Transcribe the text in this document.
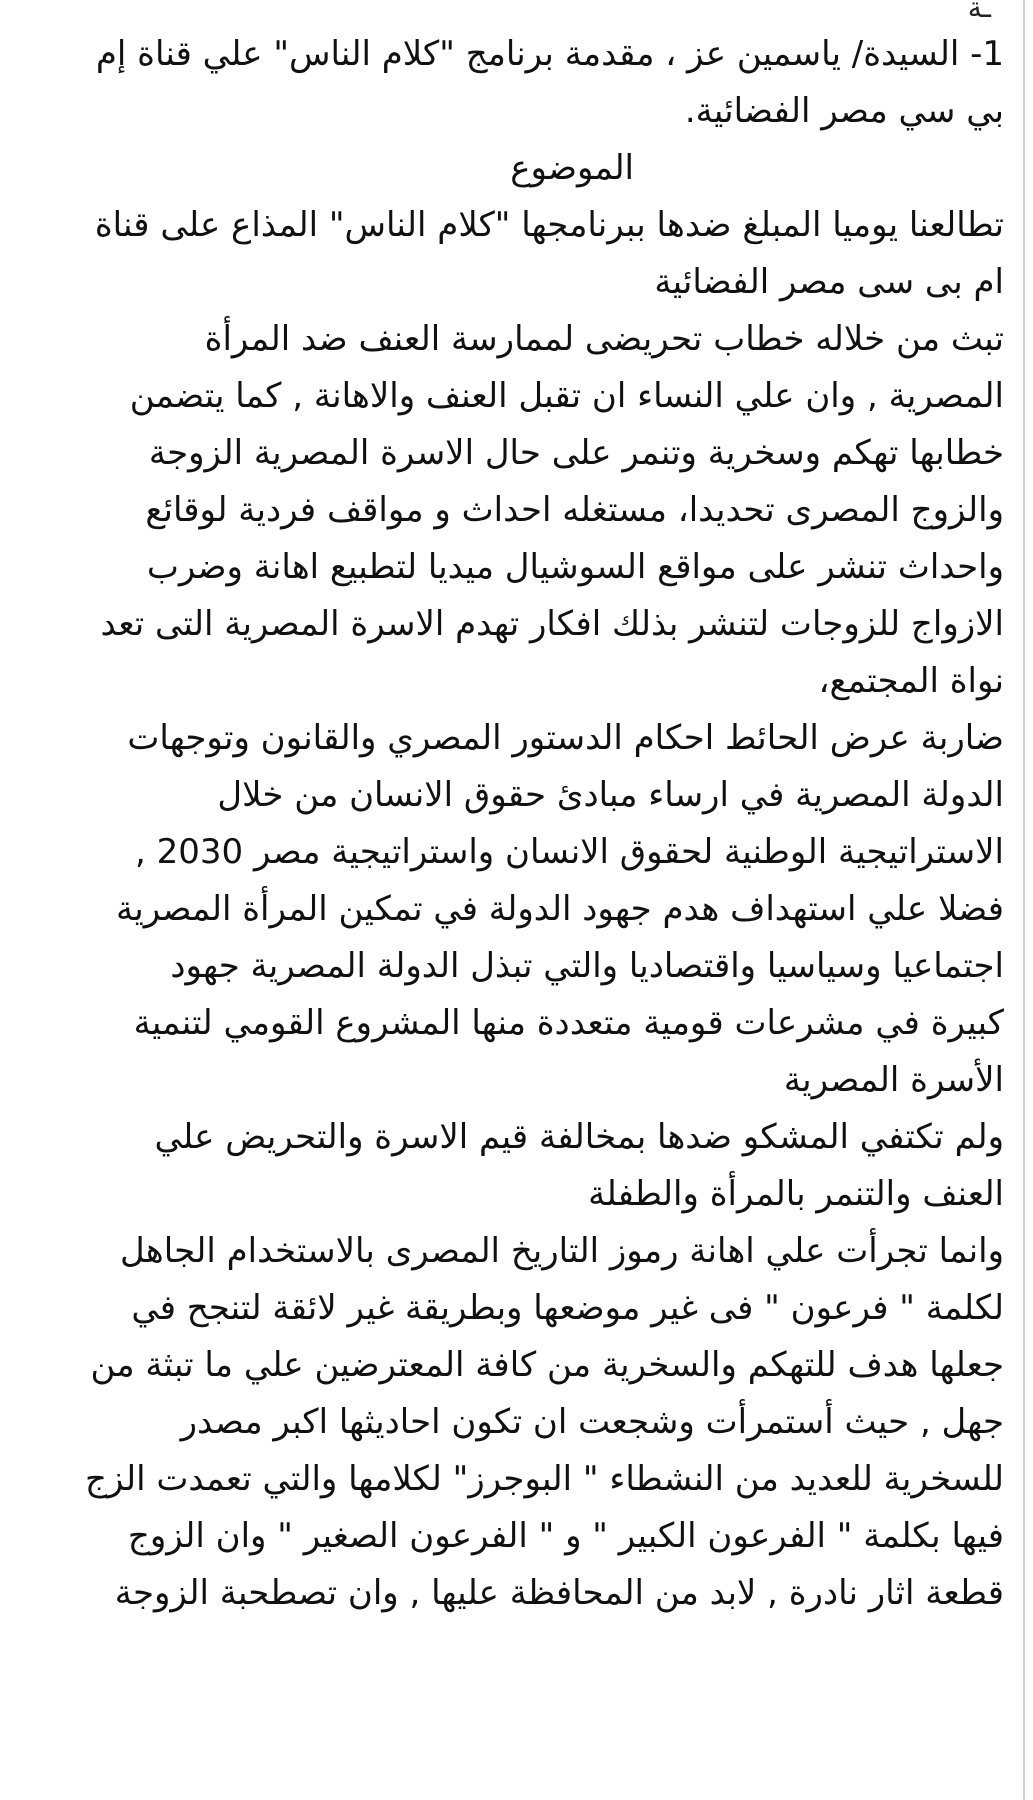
ـة

1- السيدة/ ياسمين عز ، مقدمة برنامج "كلام الناس" علي قناة إم

بي سي مصر الفضائية.

الموضوع

تطالعنا يوميا المبلغ ضدها ببرنامجها "كلام الناس" المذاع على قناة

ام بى سى مصر الفضائية

تبث من خلاله خطاب تحريضى لممارسة العنف ضد المرأة

المصرية , وان علي النساء ان تقبل العنف والاهانة , كما يتضمن

خطابها تهكم وسخرية وتنمر على حال الاسرة المصرية الزوجة

والزوج المصرى تحديدا، مستغله احداث و مواقف فردية لوقائع

واحداث تنشر على مواقع السوشيال ميديا لتطبيع اهانة وضرب

الازواج للزوجات لتنشر بذلك افكار تهدم الاسرة المصرية التى تعد

نواة المجتمع،

ضاربة عرض الحائط احكام الدستور المصري والقانون وتوجهات

الدولة المصرية في ارساء مبادئ حقوق الانسان من خلال

الاستراتيجية الوطنية لحقوق الانسان واستراتيجية مصر 2030 ,

فضلا علي استهداف هدم جهود الدولة في تمكين المرأة المصرية

اجتماعيا وسياسيا واقتصاديا والتي تبذل الدولة المصرية جهود

كبيرة في مشرعات قومية متعددة منها المشروع القومي لتنمية

الأسرة المصرية

ولم تكتفي المشكو ضدها بمخالفة قيم الاسرة والتحريض علي

العنف والتنمر بالمرأة والطفلة

وانما تجرأت علي اهانة رموز التاريخ المصرى بالاستخدام الجاهل

لكلمة " فرعون " فى غير موضعها وبطريقة غير لائقة لتنجح في

جعلها هدف للتهكم والسخرية من كافة المعترضين علي ما تبثة من

جهل , حيث أستمرأت وشجعت ان تكون احاديثها اكبر مصدر

للسخرية للعديد من النشطاء " البوجرز" لكلامها والتي تعمدت الزج

فيها بكلمة " الفرعون الكبير " و " الفرعون الصغير " وان الزوج

قطعة اثار نادرة , لابد من المحافظة عليها , وان تصطحبة الزوجة
